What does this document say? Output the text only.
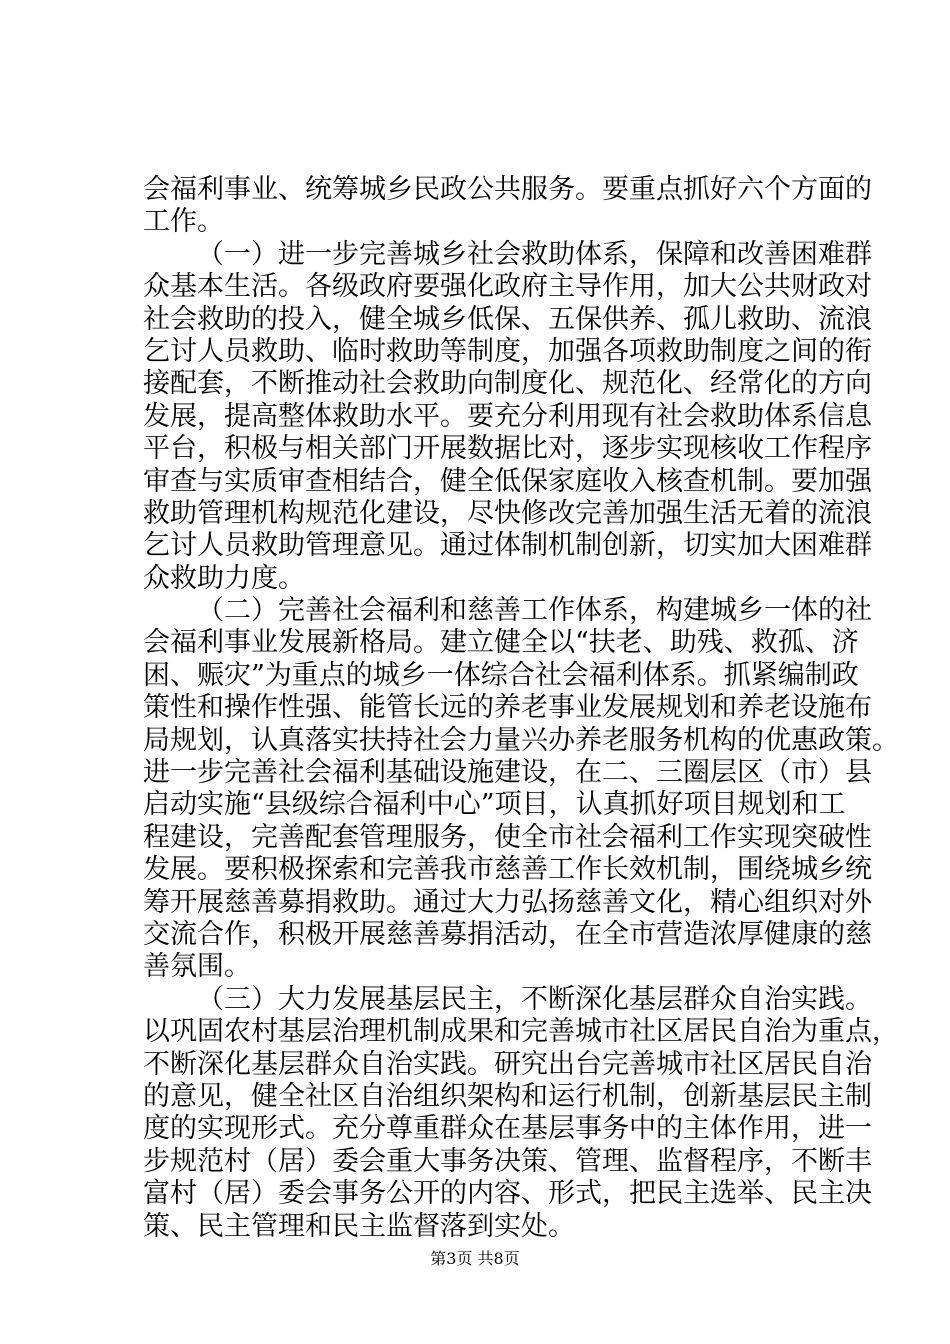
会福利事业、统筹城乡民政公共服务。要重点抓好六个方面的
工作。
（一）进一步完善城乡社会救助体系，保障和改善困难群
众基本生活。各级政府要强化政府主导作用，加大公共财政对
社会救助的投入，健全城乡低保、五保供养、孤儿救助、流浪
乞讨人员救助、临时救助等制度，加强各项救助制度之间的衔
接配套，不断推动社会救助向制度化、规范化、经常化的方向
发展，提高整体救助水平。要充分利用现有社会救助体系信息
平台，积极与相关部门开展数据比对，逐步实现核收工作程序
审查与实质审查相结合，健全低保家庭收入核查机制。要加强
救助管理机构规范化建设，尽快修改完善加强生活无着的流浪
乞讨人员救助管理意见。通过体制机制创新，切实加大困难群
众救助力度。
（二）完善社会福利和慈善工作体系，构建城乡一体的社
会福利事业发展新格局。建立健全以“扶老、助残、救孤、济
困、赈灾”为重点的城乡一体综合社会福利体系。抓紧编制政
策性和操作性强、能管长远的养老事业发展规划和养老设施布
局规划，认真落实扶持社会力量兴办养老服务机构的优惠政策。
进一步完善社会福利基础设施建设，在二、三圈层区（市）县
启动实施“县级综合福利中心”项目，认真抓好项目规划和工
程建设，完善配套管理服务，使全市社会福利工作实现突破性
发展。要积极探索和完善我市慈善工作长效机制，围绕城乡统
筹开展慈善募捐救助。通过大力弘扬慈善文化，精心组织对外
交流合作，积极开展慈善募捐活动，在全市营造浓厚健康的慈
善氛围。
（三）大力发展基层民主，不断深化基层群众自治实践。
以巩固农村基层治理机制成果和完善城市社区居民自治为重点，
不断深化基层群众自治实践。研究出台完善城市社区居民自治
的意见，健全社区自治组织架构和运行机制，创新基层民主制
度的实现形式。充分尊重群众在基层事务中的主体作用，进一
步规范村（居）委会重大事务决策、管理、监督程序，不断丰
富村（居）委会事务公开的内容、形式，把民主选举、民主决
策、民主管理和民主监督落到实处。
第3页 共8页
